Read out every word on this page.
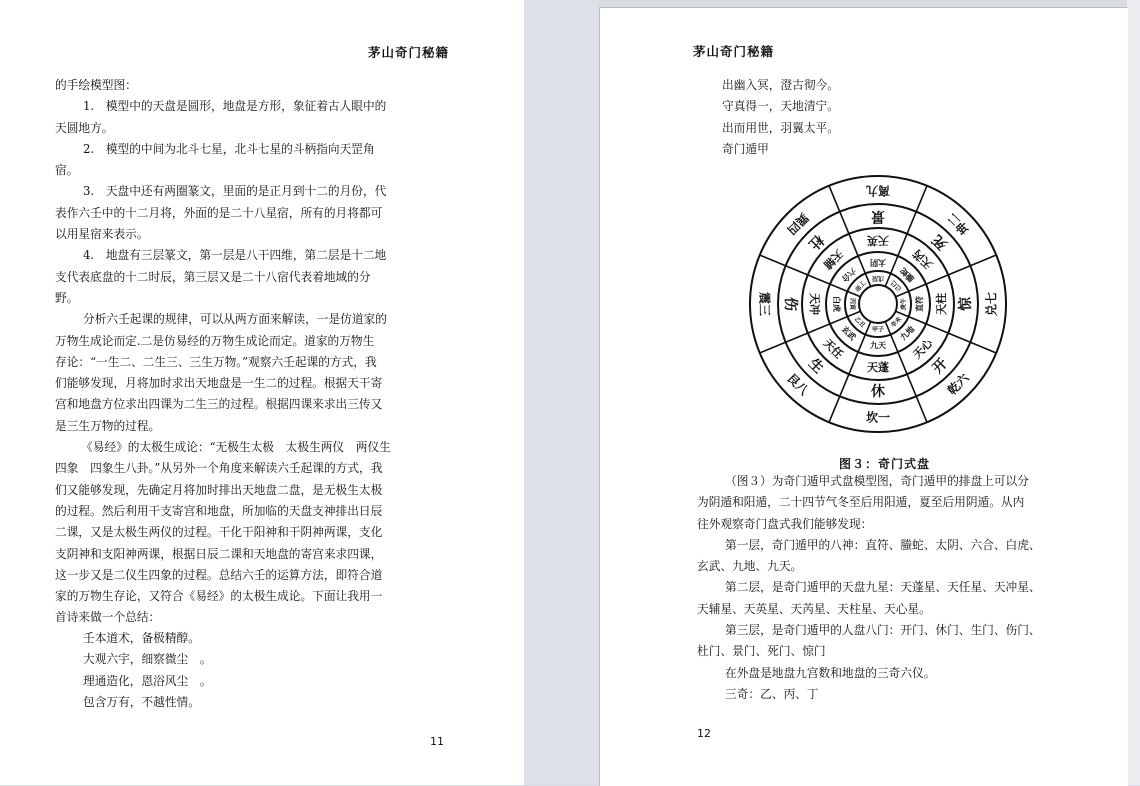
茅山奇门秘籍
的手绘模型图：
1.　模型中的天盘是圆形，地盘是方形，象征着古人眼中的
天圆地方。
2.　模型的中间为北斗七星，北斗七星的斗柄指向天罡角
宿。
3.　天盘中还有两圈篆文，里面的是正月到十二的月份，代
表作六壬中的十二月将，外面的是二十八星宿，所有的月将都可
以用星宿来表示。
4.　地盘有三层篆文，第一层是八干四维，第二层是十二地
支代表底盘的十二时辰，第三层又是二十八宿代表着地域的分
野。
分析六壬起课的规律，可以从两方面来解读，一是仿道家的
万物生成论而定.二是仿易经的万物生成论而定。道家的万物生
存论：“一生二、二生三、三生万物。”观察六壬起课的方式，我
们能够发现，月将加时求出天地盘是一生二的过程。根据天干寄
宫和地盘方位求出四课为二生三的过程。根据四课来求出三传又
是三生万物的过程。
《易经》的太极生成论：“无极生太极　太极生两仪　两仪生
四象　四象生八卦。”从另外一个角度来解读六壬起课的方式，我
们又能够发现，先确定月将加时排出天地盘二盘，是无极生太极
的过程。然后利用干支寄宫和地盘，所加临的天盘支神排出日辰
二课，又是太极生两仪的过程。干化干阳神和干阴神两课，支化
支阴神和支阳神两课，根据日辰二课和天地盘的寄宫来求四课，
这一步又是二仪生四象的过程。总结六壬的运算方法，即符合道
家的万物生存论，又符合《易经》的太极生成论。下面让我用一
首诗来做一个总结：
壬本道术，备极精醇。
大观六宇，细察微尘　。
理通造化，恩浴风尘　。
包含万有，不越性情。
11
茅山奇门秘籍
出幽入冥，澄古彻今。
守真得一，天地清宁。
出而用世，羽翼太平。
奇门遁甲
坎一
艮八
震三
巽四
离九
坤二
兑七
乾六
休
生
伤
杜
景
死
惊
开
天蓬
天任
天冲
天辅
天英
天芮
天柱
天心
九天
玄武
白虎
六合
太阴
螣蛇
直符
九地
甲子
乙丑
丙寅
丁卯
戊辰
己巳
庚午
辛未
图３：奇门式盘
（图３）为奇门遁甲式盘模型图，奇门遁甲的排盘上可以分
为阴遁和阳遁，二十四节气冬至后用阳遁，夏至后用阴遁。从内
往外观察奇门盘式我们能够发现：
第一层，奇门遁甲的八神：直符、螣蛇、太阴、六合、白虎、
玄武、九地、九天。
第二层，是奇门遁甲的天盘九星：天蓬星、天任星、天冲星、
天辅星、天英星、天芮星、天柱星、天心星。
第三层，是奇门遁甲的人盘八门：开门、休门、生门、伤门、
杜门、景门、死门、惊门
在外盘是地盘九宫数和地盘的三奇六仪。
三奇：乙、丙、丁
12
